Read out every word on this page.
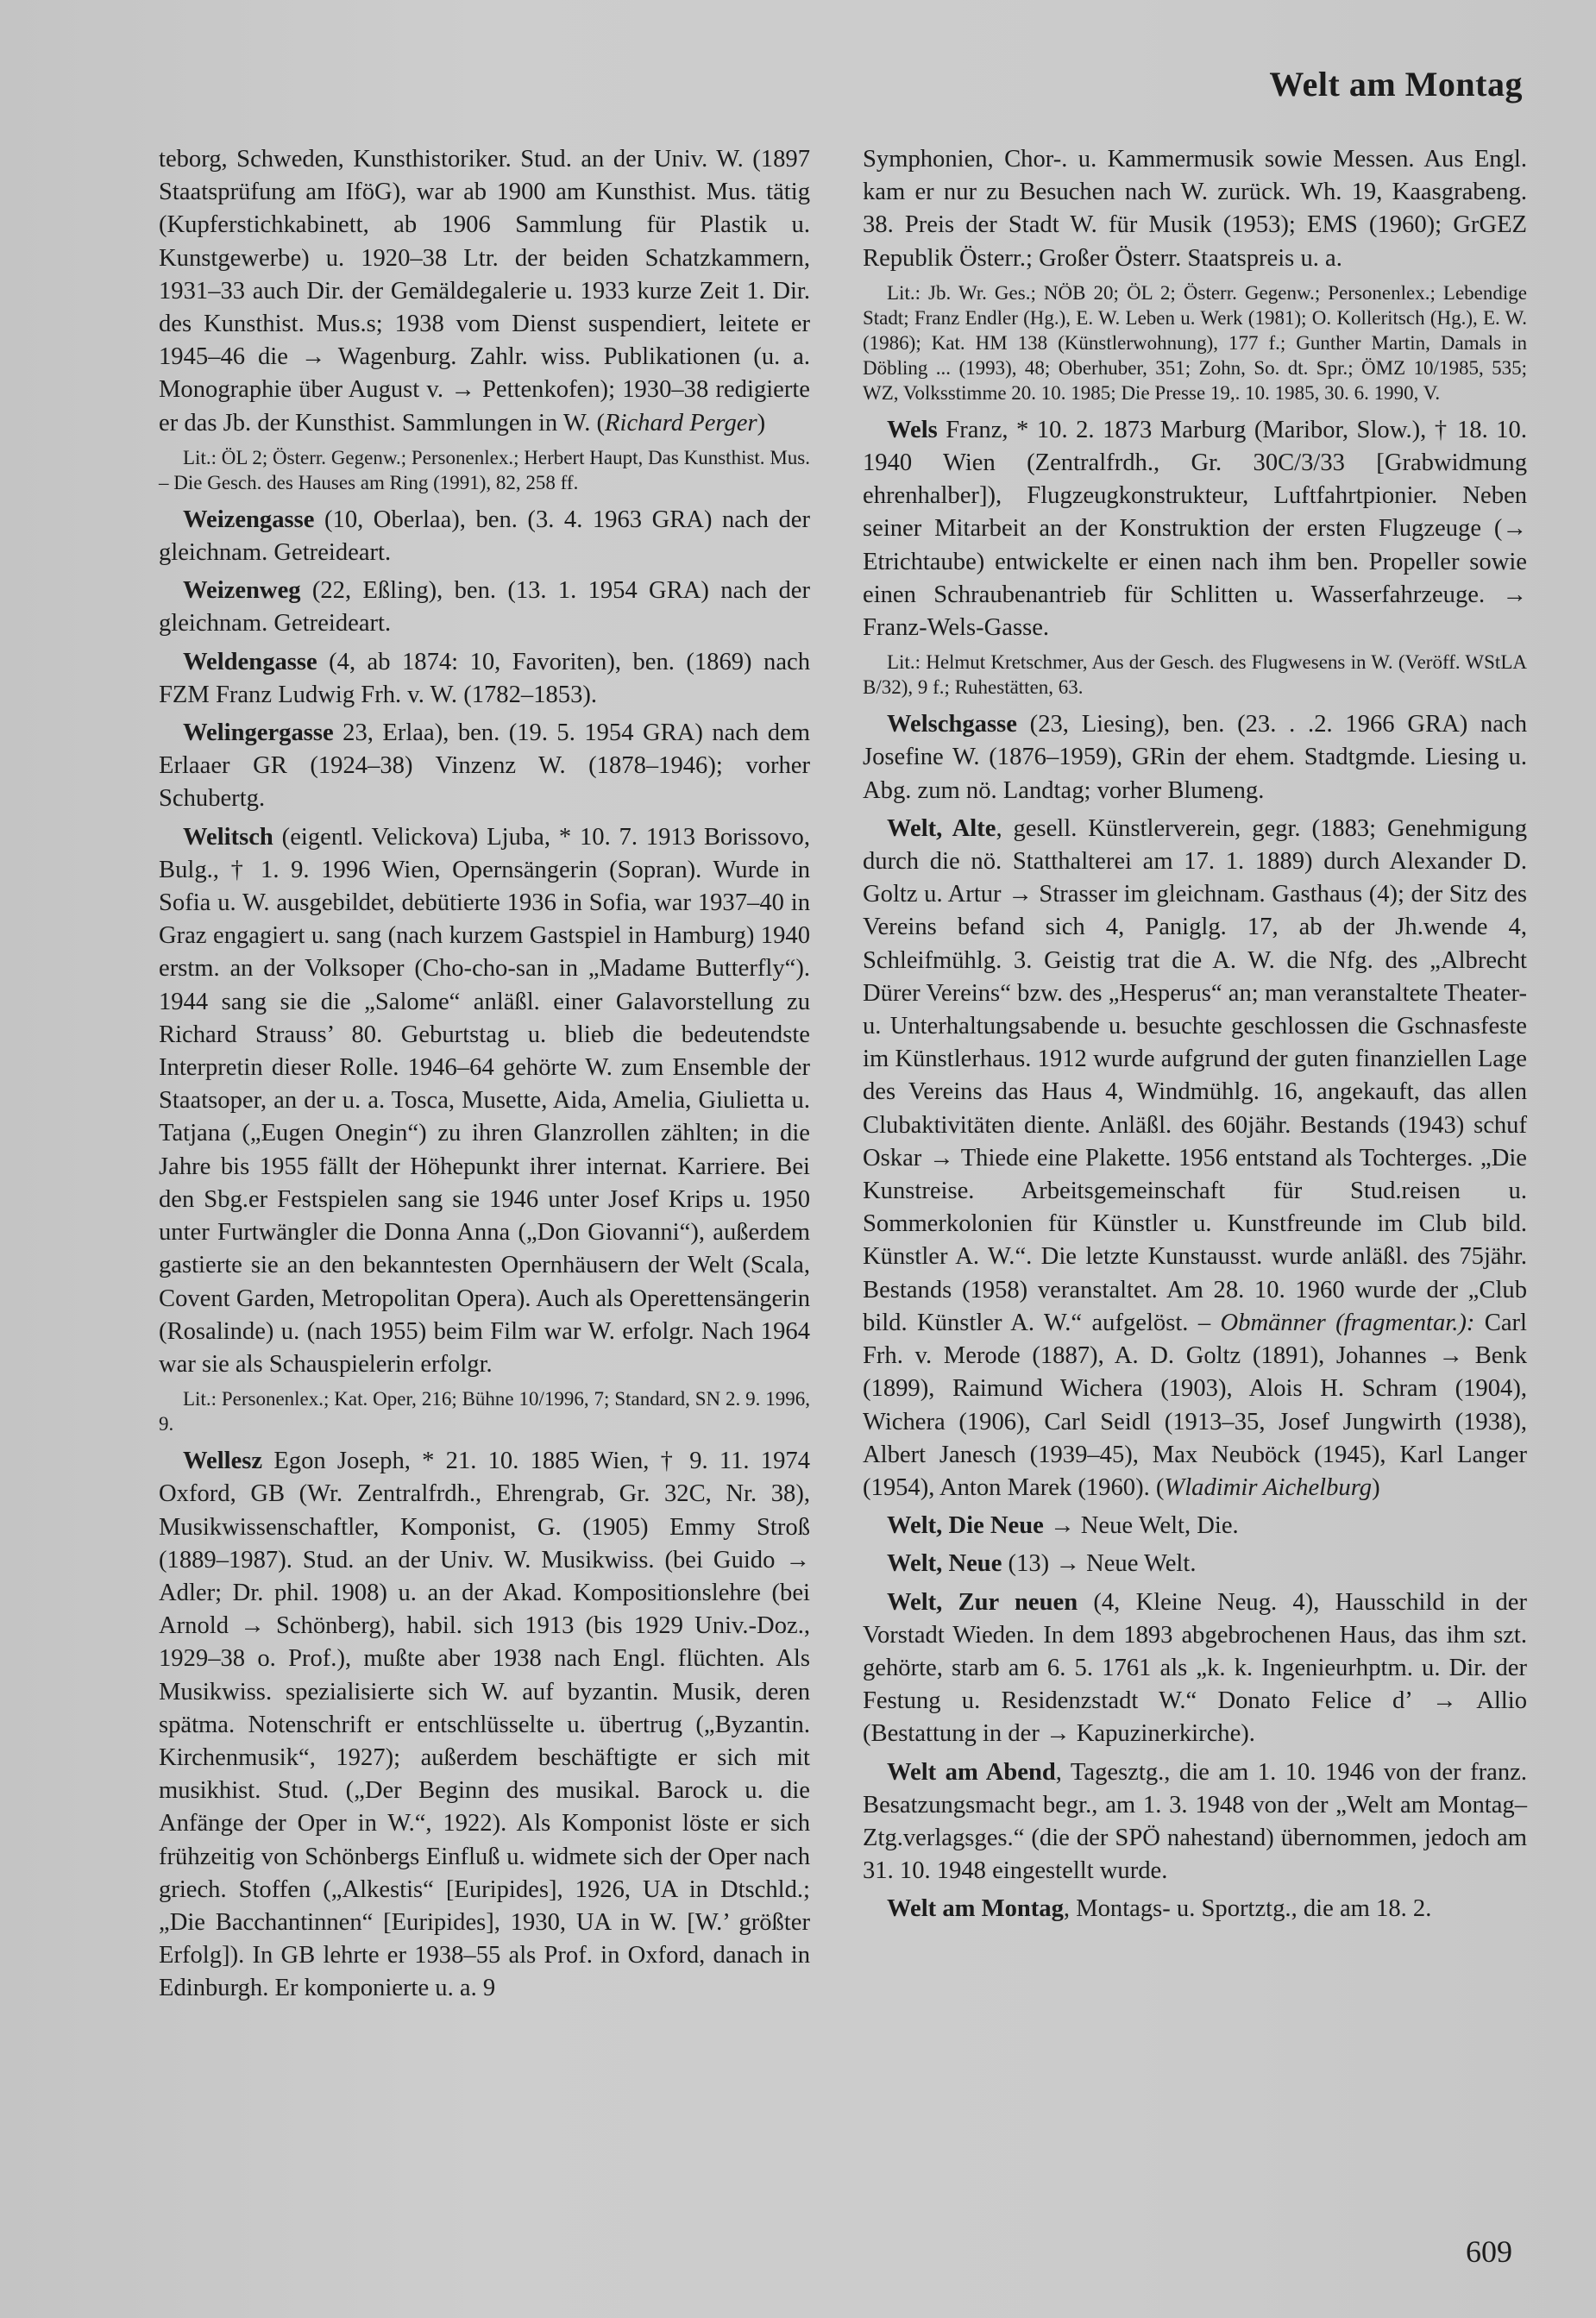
Welt am Montag

teborg, Schweden, Kunsthistoriker. Stud. an der Univ. W. (1897 Staatsprüfung am IföG), war ab 1900 am Kunsthist. Mus. tätig (Kupferstichkabinett, ab 1906 Sammlung für Plastik u. Kunstgewerbe) u. 1920–38 Ltr. der beiden Schatzkammern, 1931–33 auch Dir. der Gemäldegalerie u. 1933 kurze Zeit 1. Dir. des Kunsthist. Mus.s; 1938 vom Dienst suspendiert, leitete er 1945–46 die → Wagenburg. Zahlr. wiss. Publikationen (u. a. Monographie über August v. → Pettenkofen); 1930–38 redigierte er das Jb. der Kunsthist. Sammlungen in W. (Richard Perger)

Lit.: ÖL 2; Österr. Gegenw.; Personenlex.; Herbert Haupt, Das Kunsthist. Mus. – Die Gesch. des Hauses am Ring (1991), 82, 258 ff.

Weizengasse (10, Oberlaa), ben. (3. 4. 1963 GRA) nach der gleichnam. Getreideart.

Weizenweg (22, Eßling), ben. (13. 1. 1954 GRA) nach der gleichnam. Getreideart.

Weldengasse (4, ab 1874: 10, Favoriten), ben. (1869) nach FZM Franz Ludwig Frh. v. W. (1782–1853).

Welingergasse 23, Erlaa), ben. (19. 5. 1954 GRA) nach dem Erlaaer GR (1924–38) Vinzenz W. (1878–1946); vorher Schubertg.

Welitsch (eigentl. Velickova) Ljuba, * 10. 7. 1913 Borissovo, Bulg., † 1. 9. 1996 Wien, Opernsängerin (Sopran). Wurde in Sofia u. W. ausgebildet, debütierte 1936 in Sofia, war 1937–40 in Graz engagiert u. sang (nach kurzem Gastspiel in Hamburg) 1940 erstm. an der Volksoper (Cho-cho-san in „Madame Butterfly“). 1944 sang sie die „Salome“ anläßl. einer Galavorstellung zu Richard Strauss’ 80. Geburtstag u. blieb die bedeutendste Interpretin dieser Rolle. 1946–64 gehörte W. zum Ensemble der Staatsoper, an der u. a. Tosca, Musette, Aida, Amelia, Giulietta u. Tatjana („Eugen Onegin“) zu ihren Glanzrollen zählten; in die Jahre bis 1955 fällt der Höhepunkt ihrer internat. Karriere. Bei den Sbg.er Festspielen sang sie 1946 unter Josef Krips u. 1950 unter Furtwängler die Donna Anna („Don Giovanni“), außerdem gastierte sie an den bekanntesten Opernhäusern der Welt (Scala, Covent Garden, Metropolitan Opera). Auch als Operettensängerin (Rosalinde) u. (nach 1955) beim Film war W. erfolgr. Nach 1964 war sie als Schauspielerin erfolgr.

Lit.: Personenlex.; Kat. Oper, 216; Bühne 10/1996, 7; Standard, SN 2. 9. 1996, 9.

Wellesz Egon Joseph, * 21. 10. 1885 Wien, † 9. 11. 1974 Oxford, GB (Wr. Zentralfrdh., Ehrengrab, Gr. 32C, Nr. 38), Musikwissenschaftler, Komponist, G. (1905) Emmy Stroß (1889–1987). Stud. an der Univ. W. Musikwiss. (bei Guido → Adler; Dr. phil. 1908) u. an der Akad. Kompositionslehre (bei Arnold → Schönberg), habil. sich 1913 (bis 1929 Univ.-Doz., 1929–38 o. Prof.), mußte aber 1938 nach Engl. flüchten. Als Musikwiss. spezialisierte sich W. auf byzantin. Musik, deren spätma. Notenschrift er entschlüsselte u. übertrug („Byzantin. Kirchenmusik“, 1927); außerdem beschäftigte er sich mit musikhist. Stud. („Der Beginn des musikal. Barock u. die Anfänge der Oper in W.“, 1922). Als Komponist löste er sich frühzeitig von Schönbergs Einfluß u. widmete sich der Oper nach griech. Stoffen („Alkestis“ [Euripides], 1926, UA in Dtschld.; „Die Bacchantinnen“ [Euripides], 1930, UA in W. [W.’ größter Erfolg]). In GB lehrte er 1938–55 als Prof. in Oxford, danach in Edinburgh. Er komponierte u. a. 9

Symphonien, Chor-. u. Kammermusik sowie Messen. Aus Engl. kam er nur zu Besuchen nach W. zurück. Wh. 19, Kaasgrabeng. 38. Preis der Stadt W. für Musik (1953); EMS (1960); GrGEZ Republik Österr.; Großer Österr. Staatspreis u. a.

Lit.: Jb. Wr. Ges.; NÖB 20; ÖL 2; Österr. Gegenw.; Personenlex.; Lebendige Stadt; Franz Endler (Hg.), E. W. Leben u. Werk (1981); O. Kolleritsch (Hg.), E. W. (1986); Kat. HM 138 (Künstlerwohnung), 177 f.; Gunther Martin, Damals in Döbling ... (1993), 48; Oberhuber, 351; Zohn, So. dt. Spr.; ÖMZ 10/1985, 535; WZ, Volksstimme 20. 10. 1985; Die Presse 19,. 10. 1985, 30. 6. 1990, V.

Wels Franz, * 10. 2. 1873 Marburg (Maribor, Slow.), † 18. 10. 1940 Wien (Zentralfrdh., Gr. 30C/3/33 [Grabwidmung ehrenhalber]), Flugzeugkonstrukteur, Luftfahrtpionier. Neben seiner Mitarbeit an der Konstruktion der ersten Flugzeuge (→ Etrichtaube) entwickelte er einen nach ihm ben. Propeller sowie einen Schraubenantrieb für Schlitten u. Wasserfahrzeuge. → Franz-Wels-Gasse.

Lit.: Helmut Kretschmer, Aus der Gesch. des Flugwesens in W. (Veröff. WStLA B/32), 9 f.; Ruhestätten, 63.

Welschgasse (23, Liesing), ben. (23. . .2. 1966 GRA) nach Josefine W. (1876–1959), GRin der ehem. Stadtgmde. Liesing u. Abg. zum nö. Landtag; vorher Blumeng.

Welt, Alte, gesell. Künstlerverein, gegr. (1883; Genehmigung durch die nö. Statthalterei am 17. 1. 1889) durch Alexander D. Goltz u. Artur → Strasser im gleichnam. Gasthaus (4); der Sitz des Vereins befand sich 4, Paniglg. 17, ab der Jh.wende 4, Schleifmühlg. 3. Geistig trat die A. W. die Nfg. des „Albrecht Dürer Vereins“ bzw. des „Hesperus“ an; man veranstaltete Theater- u. Unterhaltungsabende u. besuchte geschlossen die Gschnasfeste im Künstlerhaus. 1912 wurde aufgrund der guten finanziellen Lage des Vereins das Haus 4, Windmühlg. 16, angekauft, das allen Clubaktivitäten diente. Anläßl. des 60jähr. Bestands (1943) schuf Oskar → Thiede eine Plakette. 1956 entstand als Tochterges. „Die Kunstreise. Arbeitsgemeinschaft für Stud.reisen u. Sommerkolonien für Künstler u. Kunstfreunde im Club bild. Künstler A. W.“. Die letzte Kunstausst. wurde anläßl. des 75jähr. Bestands (1958) veranstaltet. Am 28. 10. 1960 wurde der „Club bild. Künstler A. W.“ aufgelöst. – Obmänner (fragmentar.): Carl Frh. v. Merode (1887), A. D. Goltz (1891), Johannes → Benk (1899), Raimund Wichera (1903), Alois H. Schram (1904), Wichera (1906), Carl Seidl (1913–35, Josef Jungwirth (1938), Albert Janesch (1939–45), Max Neuböck (1945), Karl Langer (1954), Anton Marek (1960). (Wladimir Aichelburg)

Welt, Die Neue → Neue Welt, Die.

Welt, Neue (13) → Neue Welt.

Welt, Zur neuen (4, Kleine Neug. 4), Hausschild in der Vorstadt Wieden. In dem 1893 abgebrochenen Haus, das ihm szt. gehörte, starb am 6. 5. 1761 als „k. k. Ingenieurhptm. u. Dir. der Festung u. Residenzstadt W.“ Donato Felice d’ → Allio (Bestattung in der → Kapuzinerkirche).

Welt am Abend, Tagesztg., die am 1. 10. 1946 von der franz. Besatzungsmacht begr., am 1. 3. 1948 von der „Welt am Montag–Ztg.verlagsges.“ (die der SPÖ nahestand) übernommen, jedoch am 31. 10. 1948 eingestellt wurde.

Welt am Montag, Montags- u. Sportztg., die am 18. 2.

609
